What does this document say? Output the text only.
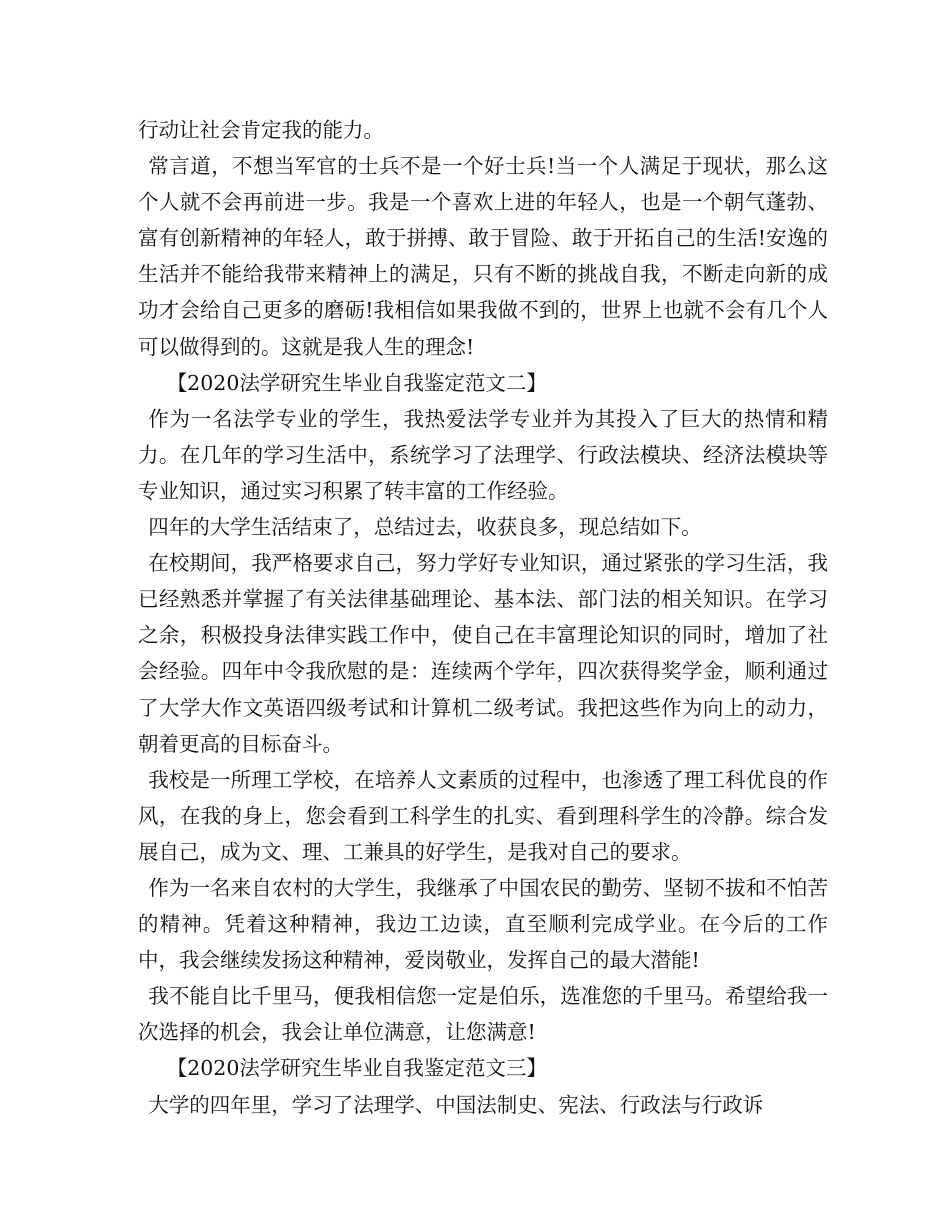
行动让社会肯定我的能力。

常言道，不想当军官的士兵不是一个好士兵!当一个人满足于现状，那么这个人就不会再前进一步。我是一个喜欢上进的年轻人，也是一个朝气蓬勃、富有创新精神的年轻人，敢于拼搏、敢于冒险、敢于开拓自己的生活!安逸的生活并不能给我带来精神上的满足，只有不断的挑战自我，不断走向新的成功才会给自己更多的磨砺!我相信如果我做不到的，世界上也就不会有几个人可以做得到的。这就是我人生的理念!

【2020法学研究生毕业自我鉴定范文二】

作为一名法学专业的学生，我热爱法学专业并为其投入了巨大的热情和精力。在几年的学习生活中，系统学习了法理学、行政法模块、经济法模块等专业知识，通过实习积累了转丰富的工作经验。

四年的大学生活结束了，总结过去，收获良多，现总结如下。

在校期间，我严格要求自己，努力学好专业知识，通过紧张的学习生活，我已经熟悉并掌握了有关法律基础理论、基本法、部门法的相关知识。在学习之余，积极投身法律实践工作中，使自己在丰富理论知识的同时，增加了社会经验。四年中令我欣慰的是：连续两个学年，四次获得奖学金，顺利通过了大学大作文英语四级考试和计算机二级考试。我把这些作为向上的动力，朝着更高的目标奋斗。

我校是一所理工学校，在培养人文素质的过程中，也渗透了理工科优良的作风，在我的身上，您会看到工科学生的扎实、看到理科学生的冷静。综合发展自己，成为文、理、工兼具的好学生，是我对自己的要求。

作为一名来自农村的大学生，我继承了中国农民的勤劳、坚韧不拔和不怕苦的精神。凭着这种精神，我边工边读，直至顺利完成学业。在今后的工作中，我会继续发扬这种精神，爱岗敬业，发挥自己的最大潜能!

我不能自比千里马，便我相信您一定是伯乐，选准您的千里马。希望给我一次选择的机会，我会让单位满意，让您满意!

【2020法学研究生毕业自我鉴定范文三】

大学的四年里，学习了法理学、中国法制史、宪法、行政法与行政诉
